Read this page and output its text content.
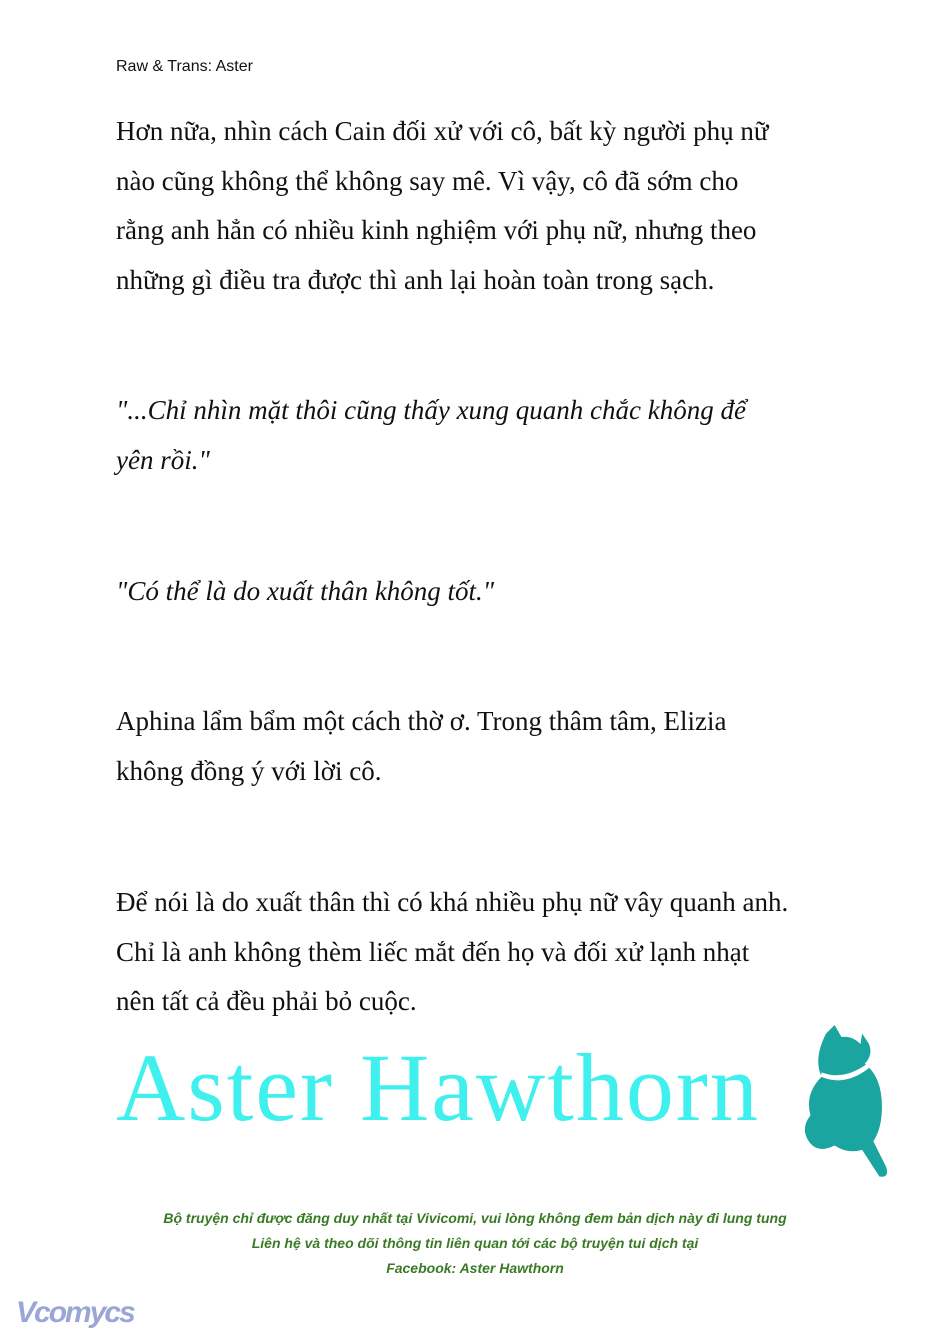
Raw & Trans: Aster
Hơn nữa, nhìn cách Cain đối xử với cô, bất kỳ người phụ nữ
nào cũng không thể không say mê. Vì vậy, cô đã sớm cho
rằng anh hẳn có nhiều kinh nghiệm với phụ nữ, nhưng theo
những gì điều tra được thì anh lại hoàn toàn trong sạch.
"...Chỉ nhìn mặt thôi cũng thấy xung quanh chắc không để
yên rồi."
"Có thể là do xuất thân không tốt."
Aphina lẩm bẩm một cách thờ ơ. Trong thâm tâm, Elizia
không đồng ý với lời cô.
Để nói là do xuất thân thì có khá nhiều phụ nữ vây quanh anh.
Chỉ là anh không thèm liếc mắt đến họ và đối xử lạnh nhạt
nên tất cả đều phải bỏ cuộc.
Aster Hawthorn
Bộ truyện chỉ được đăng duy nhất tại Vivicomi, vui lòng không đem bản dịch này đi lung tung
Liên hệ và theo dõi thông tin liên quan tới các bộ truyện tui dịch tại
Facebook: Aster Hawthorn
Vcomycs
